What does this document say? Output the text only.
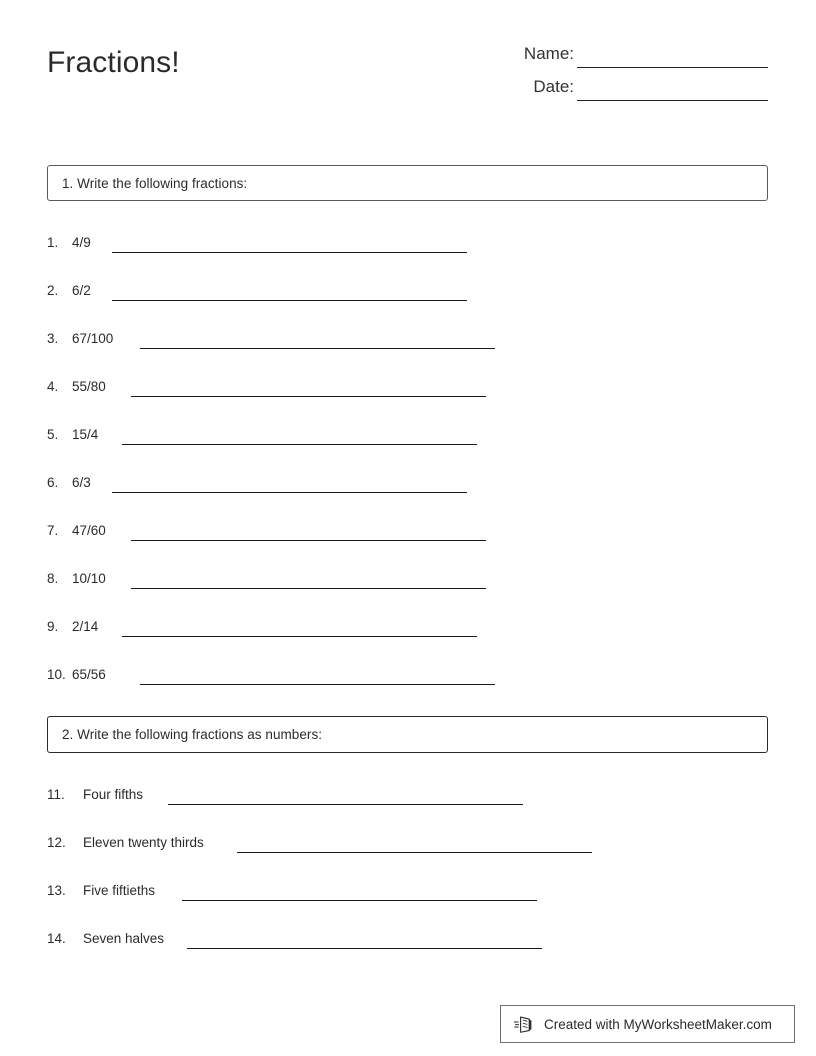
Fractions!	Name:
Date:
1. Write the following fractions:
1. 4/9
2. 6/2
3. 67/100
4. 55/80
5. 15/4
6. 6/3
7. 47/60
8. 10/10
9. 2/14
10. 65/56
2. Write the following fractions as numbers:
11. Four fifths
12. Eleven twenty thirds
13. Five fiftieths
14. Seven halves
Created with MyWorksheetMaker.com
